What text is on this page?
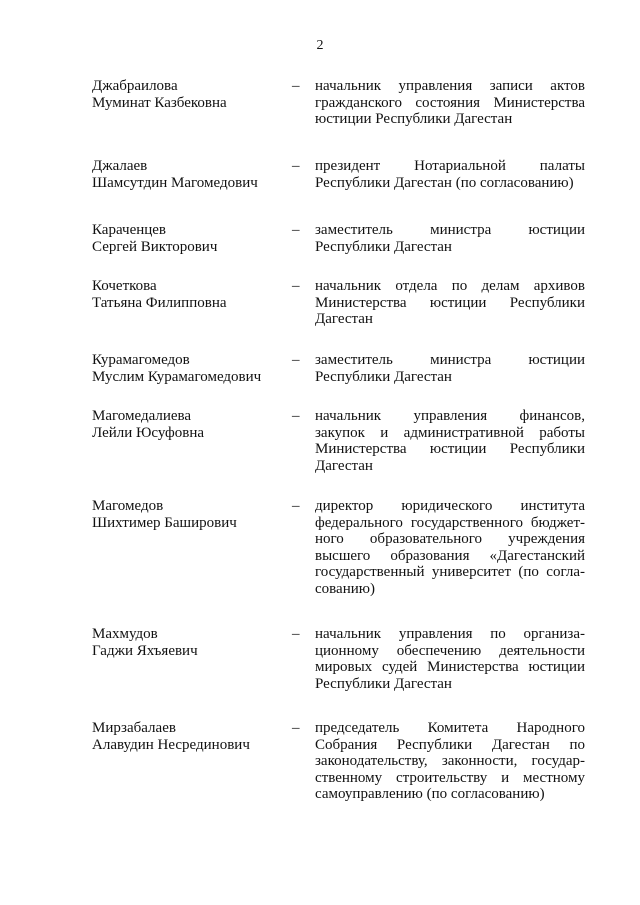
2
Джабраилова
Муминат Казбековна
–	начальник управления записи актов
гражданского состояния Министерства
юстиции Республики Дагестан
Джалаев
Шамсутдин Магомедович
–	президент Нотариальной палаты
Республики Дагестан (по согласованию)
Караченцев
Сергей Викторович
–	заместитель министра юстиции
Республики Дагестан
Кочеткова
Татьяна Филипповна
–	начальник отдела по делам архивов
Министерства юстиции Республики
Дагестан
Курамагомедов
Муслим Курамагомедович
–	заместитель министра юстиции
Республики Дагестан
Магомедалиева
Лейли Юсуфовна
–	начальник управления финансов,
закупок и административной работы
Министерства юстиции Республики
Дагестан
Магомедов
Шихтимер Баширович
–	директор юридического института
федерального государственного бюджет-
ного образовательного учреждения
высшего образования «Дагестанский
государственный университет (по согла-
сованию)
Махмудов
Гаджи Яхъяевич
–	начальник управления по организа-
ционному обеспечению деятельности
мировых судей Министерства юстиции
Республики Дагестан
Мирзабалаев
Алавудин Несрединович
–	председатель Комитета Народного
Собрания Республики Дагестан по
законодательству, законности, государ-
ственному строительству и местному
самоуправлению (по согласованию)
